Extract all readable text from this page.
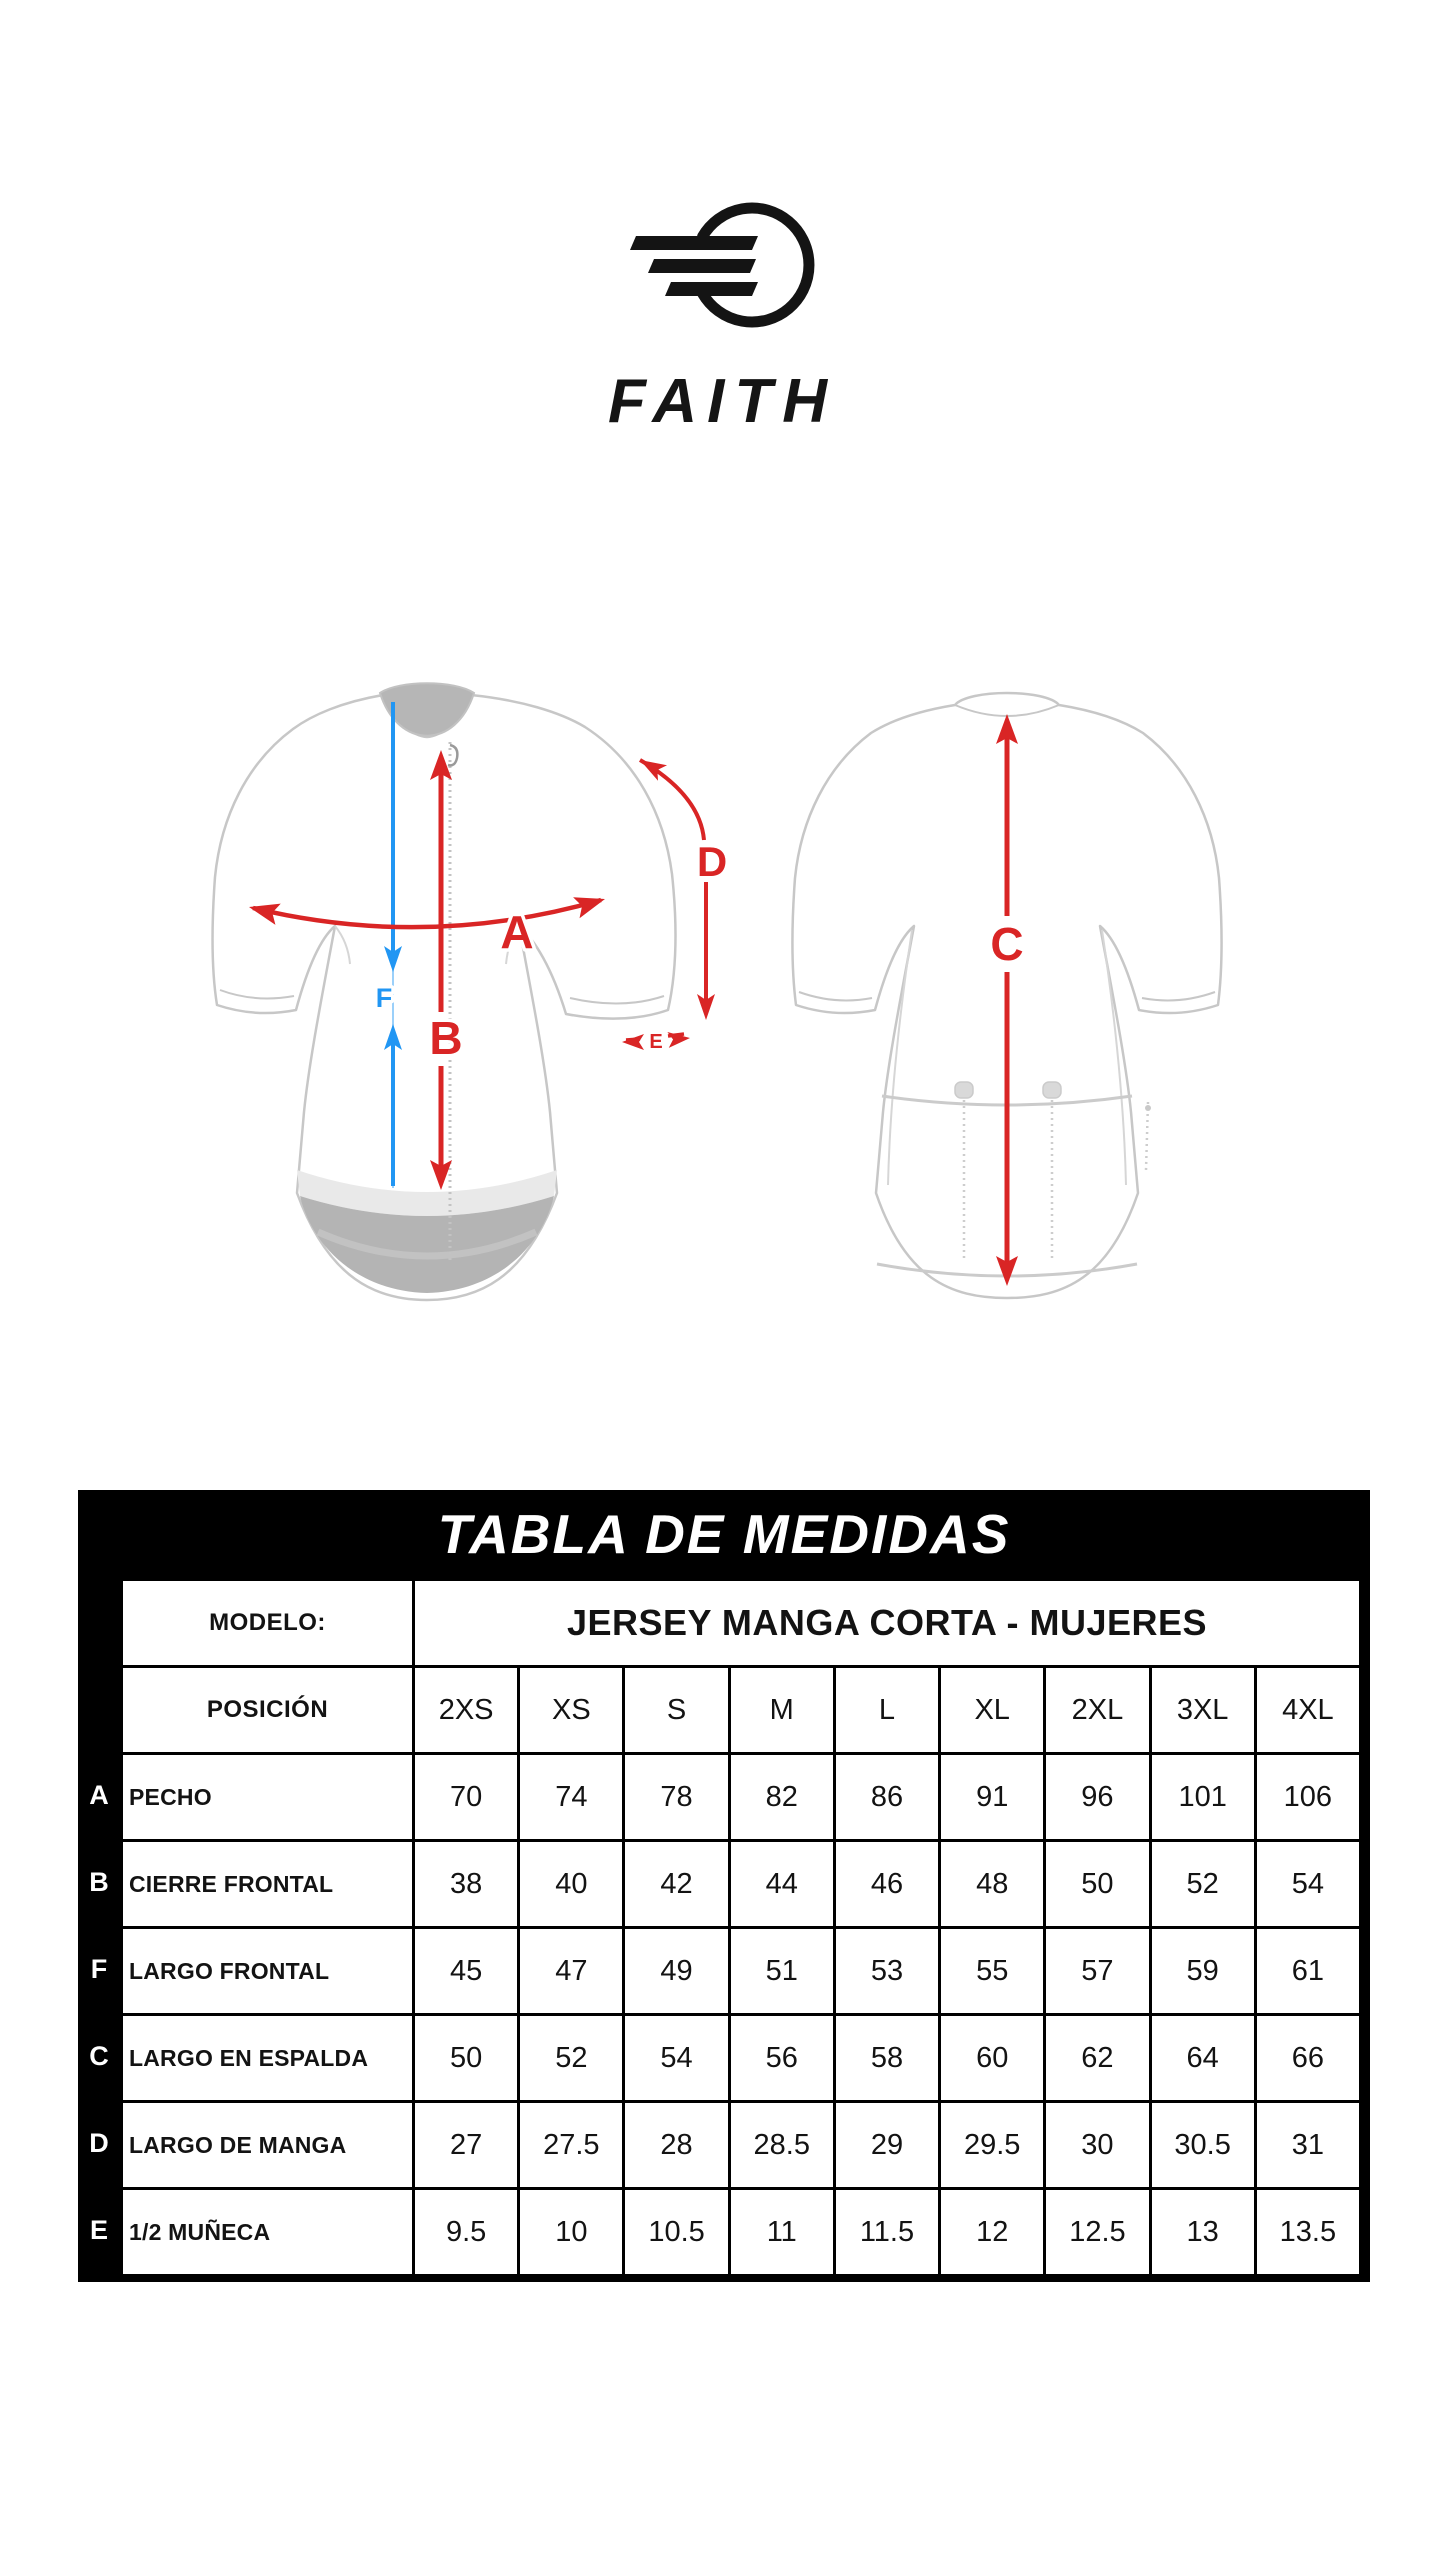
FAITH
A
B
F
D
E
C
TABLA DE MEDIDAS
A
B
F
C
D
E
MODELO:	JERSEY MANGA CORTA - MUJERES								
POSICIÓN	2XS	XS	S	M	L	XL	2XL	3XL	4XL
PECHO	70	74	78	82	86	91	96	101	106
CIERRE FRONTAL	38	40	42	44	46	48	50	52	54
LARGO FRONTAL	45	47	49	51	53	55	57	59	61
LARGO EN ESPALDA	50	52	54	56	58	60	62	64	66
LARGO DE MANGA	27	27.5	28	28.5	29	29.5	30	30.5	31
1/2 MUÑECA	9.5	10	10.5	11	11.5	12	12.5	13	13.5
